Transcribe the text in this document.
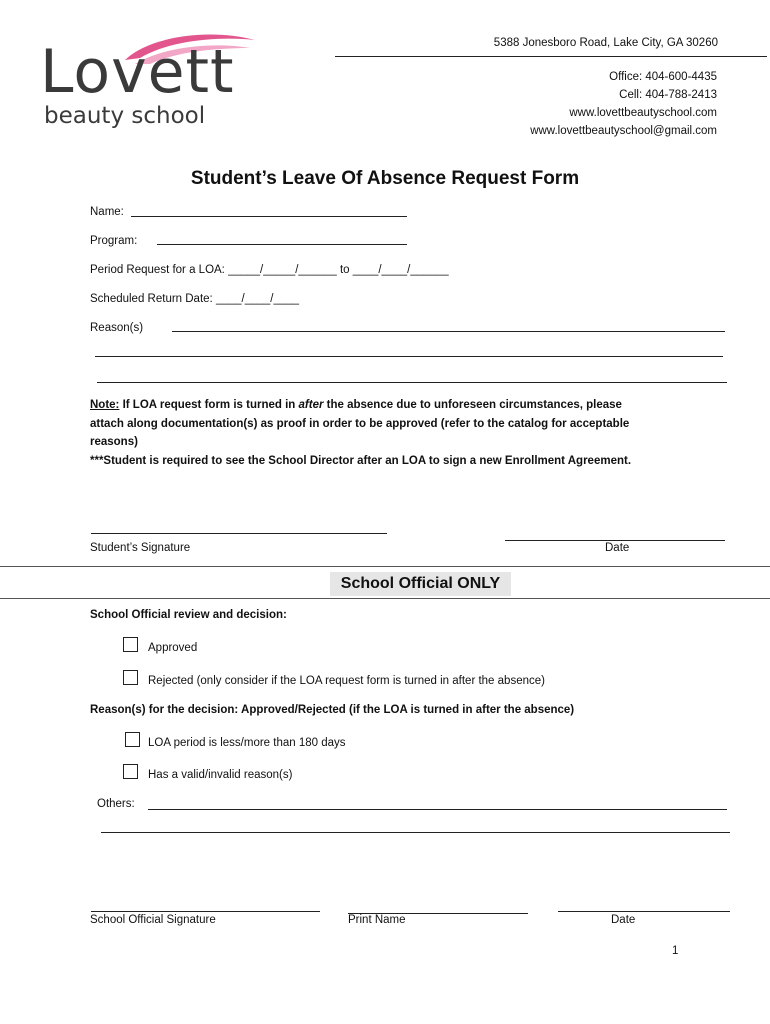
Lovett
beauty school
5388 Jonesboro Road, Lake City, GA 30260
Office: 404-600-4435
Cell: 404-788-2413
www.lovettbeautyschool.com
www.lovettbeautyschool@gmail.com
Student’s Leave Of Absence Request Form
Name:
Program:
Period Request for a LOA: _____/_____/______ to ____/____/______
Scheduled Return Date: ____/____/____
Reason(s)
Note: If LOA request form is turned in after the absence due to unforeseen circumstances, please
attach along documentation(s) as proof in order to be approved (refer to the catalog for acceptable
reasons)
***Student is required to see the School Director after an LOA to sign a new Enrollment Agreement.
Student’s Signature	Date
School Official ONLY
School Official review and decision:
Approved
Rejected (only consider if the LOA request form is turned in after the absence)
Reason(s) for the decision: Approved/Rejected (if the LOA is turned in after the absence)
LOA period is less/more than 180 days
Has a valid/invalid reason(s)
Others:
School Official Signature	Print Name	Date
1
